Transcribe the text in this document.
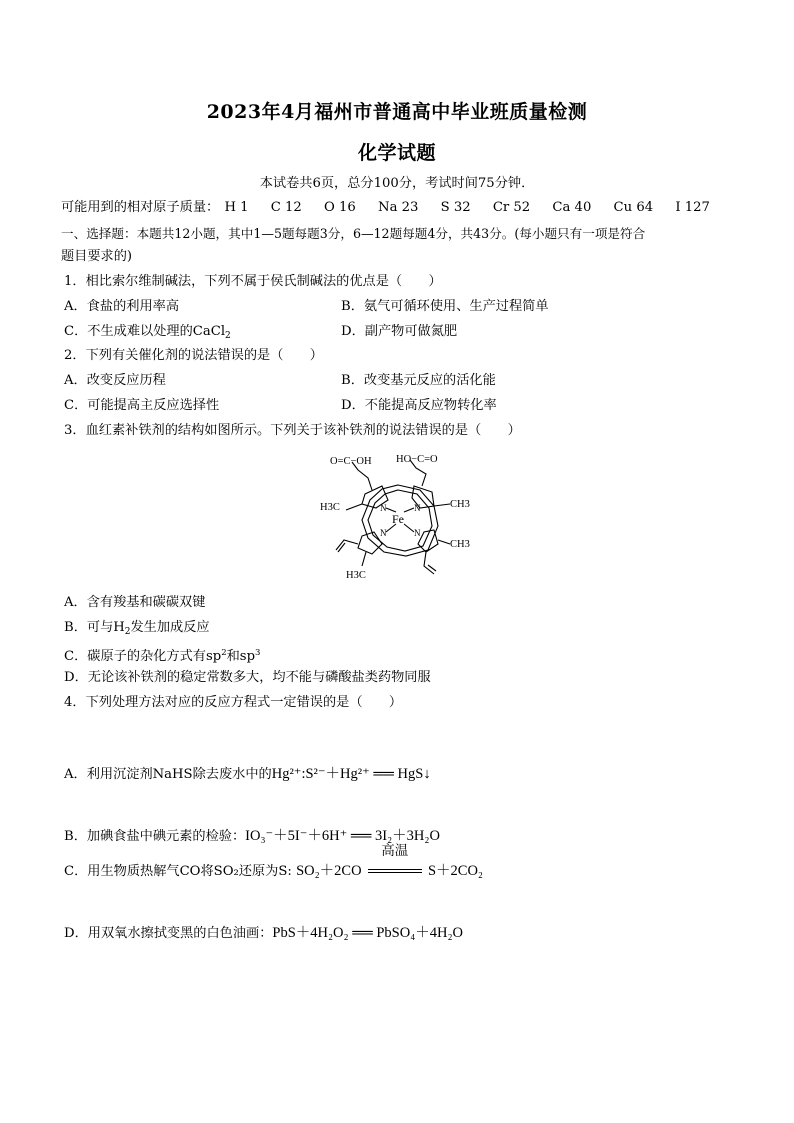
2023年4月福州市普通高中毕业班质量检测
化学试题
本试卷共6页，总分100分，考试时间75分钟．
可能用到的相对原子质量： H 1 C 12 O 16 Na 23 S 32 Cr 52 Ca 40 Cu 64 I 127
一、选择题：本题共12小题，其中1—5题每题3分，6—12题每题4分，共43分。(每小题只有一项是符合
题目要求的)
1．相比索尔维制碱法，下列不属于侯氏制碱法的优点是（　　）
A．食盐的利用率高	B．氨气可循环使用、生产过程简单
C．不生成难以处理的CaCl$_2$	D．副产物可做氮肥
2．下列有关催化剂的说法错误的是（　　）
A．改变反应历程	B．改变基元反应的活化能
C．可能提高主反应选择性	D．不能提高反应物转化率
3．血红素补铁剂的结构如图所示。下列关于该补铁剂的说法错误的是（　　）
O=C−OH HO−C=O
H3C	CH3
CH3
H3C
Fe
N	N
N	N
A．含有羧基和碳碳双键
B．可与$H_2$发生加成反应
C．碳原子的杂化方式有$sp^2$和$sp^3$
D．无论该补铁剂的稳定常数多大，均不能与磷酸盐类药物同服
4．下列处理方法对应的反应方程式一定错误的是（　　）
A．利用沉淀剂NaHS除去废水中的Hg²⁺:S²⁻＋Hg²⁺ ══ HgS↓
B．加碘食盐中碘元素的检验：IO₃⁻＋5I⁻＋6H⁺ ══ 3I₂＋3H₂O
C．用生物质热解气CO将SO₂还原为S: SO₂＋2CO
高温
S＋2CO₂
D．用双氧水擦拭变黑的白色油画：PbS＋4H₂O₂ ══ PbSO₄＋4H₂O
